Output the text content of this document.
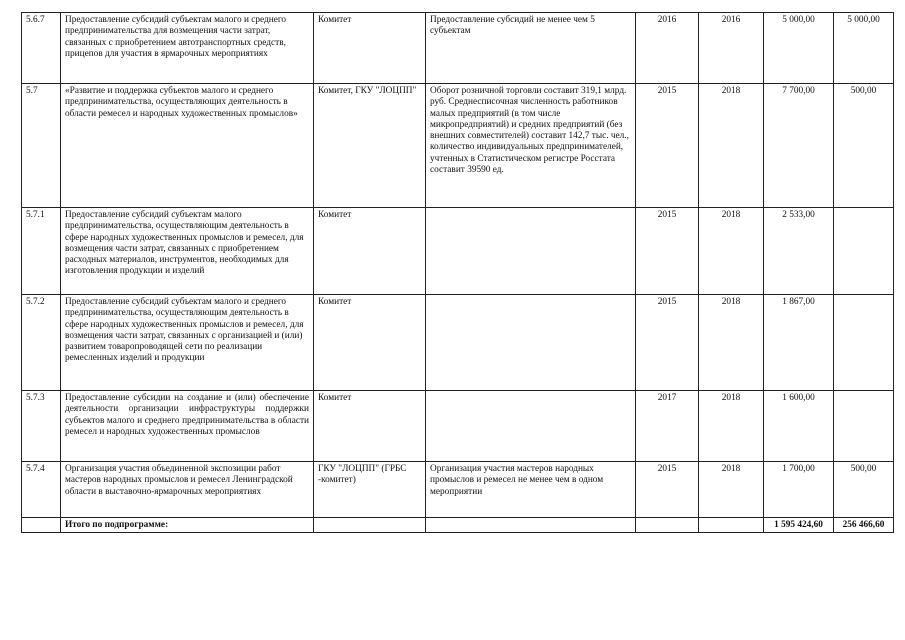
5.6.7	Предоставление субсидий субъектам малого и среднего предпринимательства для возмещения части затрат, связанных с приобретением автотранспортных средств, прицепов для участия в ярмарочных мероприятиях	Комитет	Предоставление субсидий не менее чем 5 субъектам	2016	2016	5 000,00	5 000,00
5.7	«Развитие и поддержка субъектов малого и среднего предпринимательства, осуществляющих деятельность в области ремесел и народных художественных промыслов»	Комитет, ГКУ "ЛОЦПП"	Оборот розничной торговли составит 319,1 млрд. руб. Среднесписочная численность работников малых предприятий (в том числе микропредприятий) и средних предприятий (без внешних совместителей) составит 142,7 тыс. чел., количество индивидуальных предпринимателей, учтенных в Статистическом регистре Росстата составит 39590 ед.	2015	2018	7 700,00	500,00
5.7.1	Предоставление субсидий субъектам малого предпринимательства, осуществляющим деятельность в сфере народных художественных промыслов и ремесел, для возмещения части затрат, связанных с приобретением расходных материалов, инструментов, необходимых для изготовления продукции и изделий	Комитет		2015	2018	2 533,00	
5.7.2	Предоставление субсидий субъектам малого и среднего предпринимательства, осуществляющим деятельность в сфере народных художественных промыслов и ремесел, для возмещения части затрат, связанных с организацией и (или) развитием товаропроводящей сети по реализации ремесленных изделий и продукции	Комитет		2015	2018	1 867,00	
5.7.3	Предоставление субсидии на создание и (или) обеспечение деятельности организации инфраструктуры поддержки субъектов малого и среднего предпринимательства в области ремесел и народных художественных промыслов	Комитет		2017	2018	1 600,00	
5.7.4	Организация участия объединенной экспозиции работ мастеров народных промыслов и ремесел Ленинградской области в выставочно-ярмарочных мероприятиях	ГКУ "ЛОЦПП" (ГРБС -комитет)	Организация участия мастеров народных промыслов и ремесел не менее чем в одном мероприятии	2015	2018	1 700,00	500,00
	Итого по подпрограмме:					1 595 424,60	256 466,60
